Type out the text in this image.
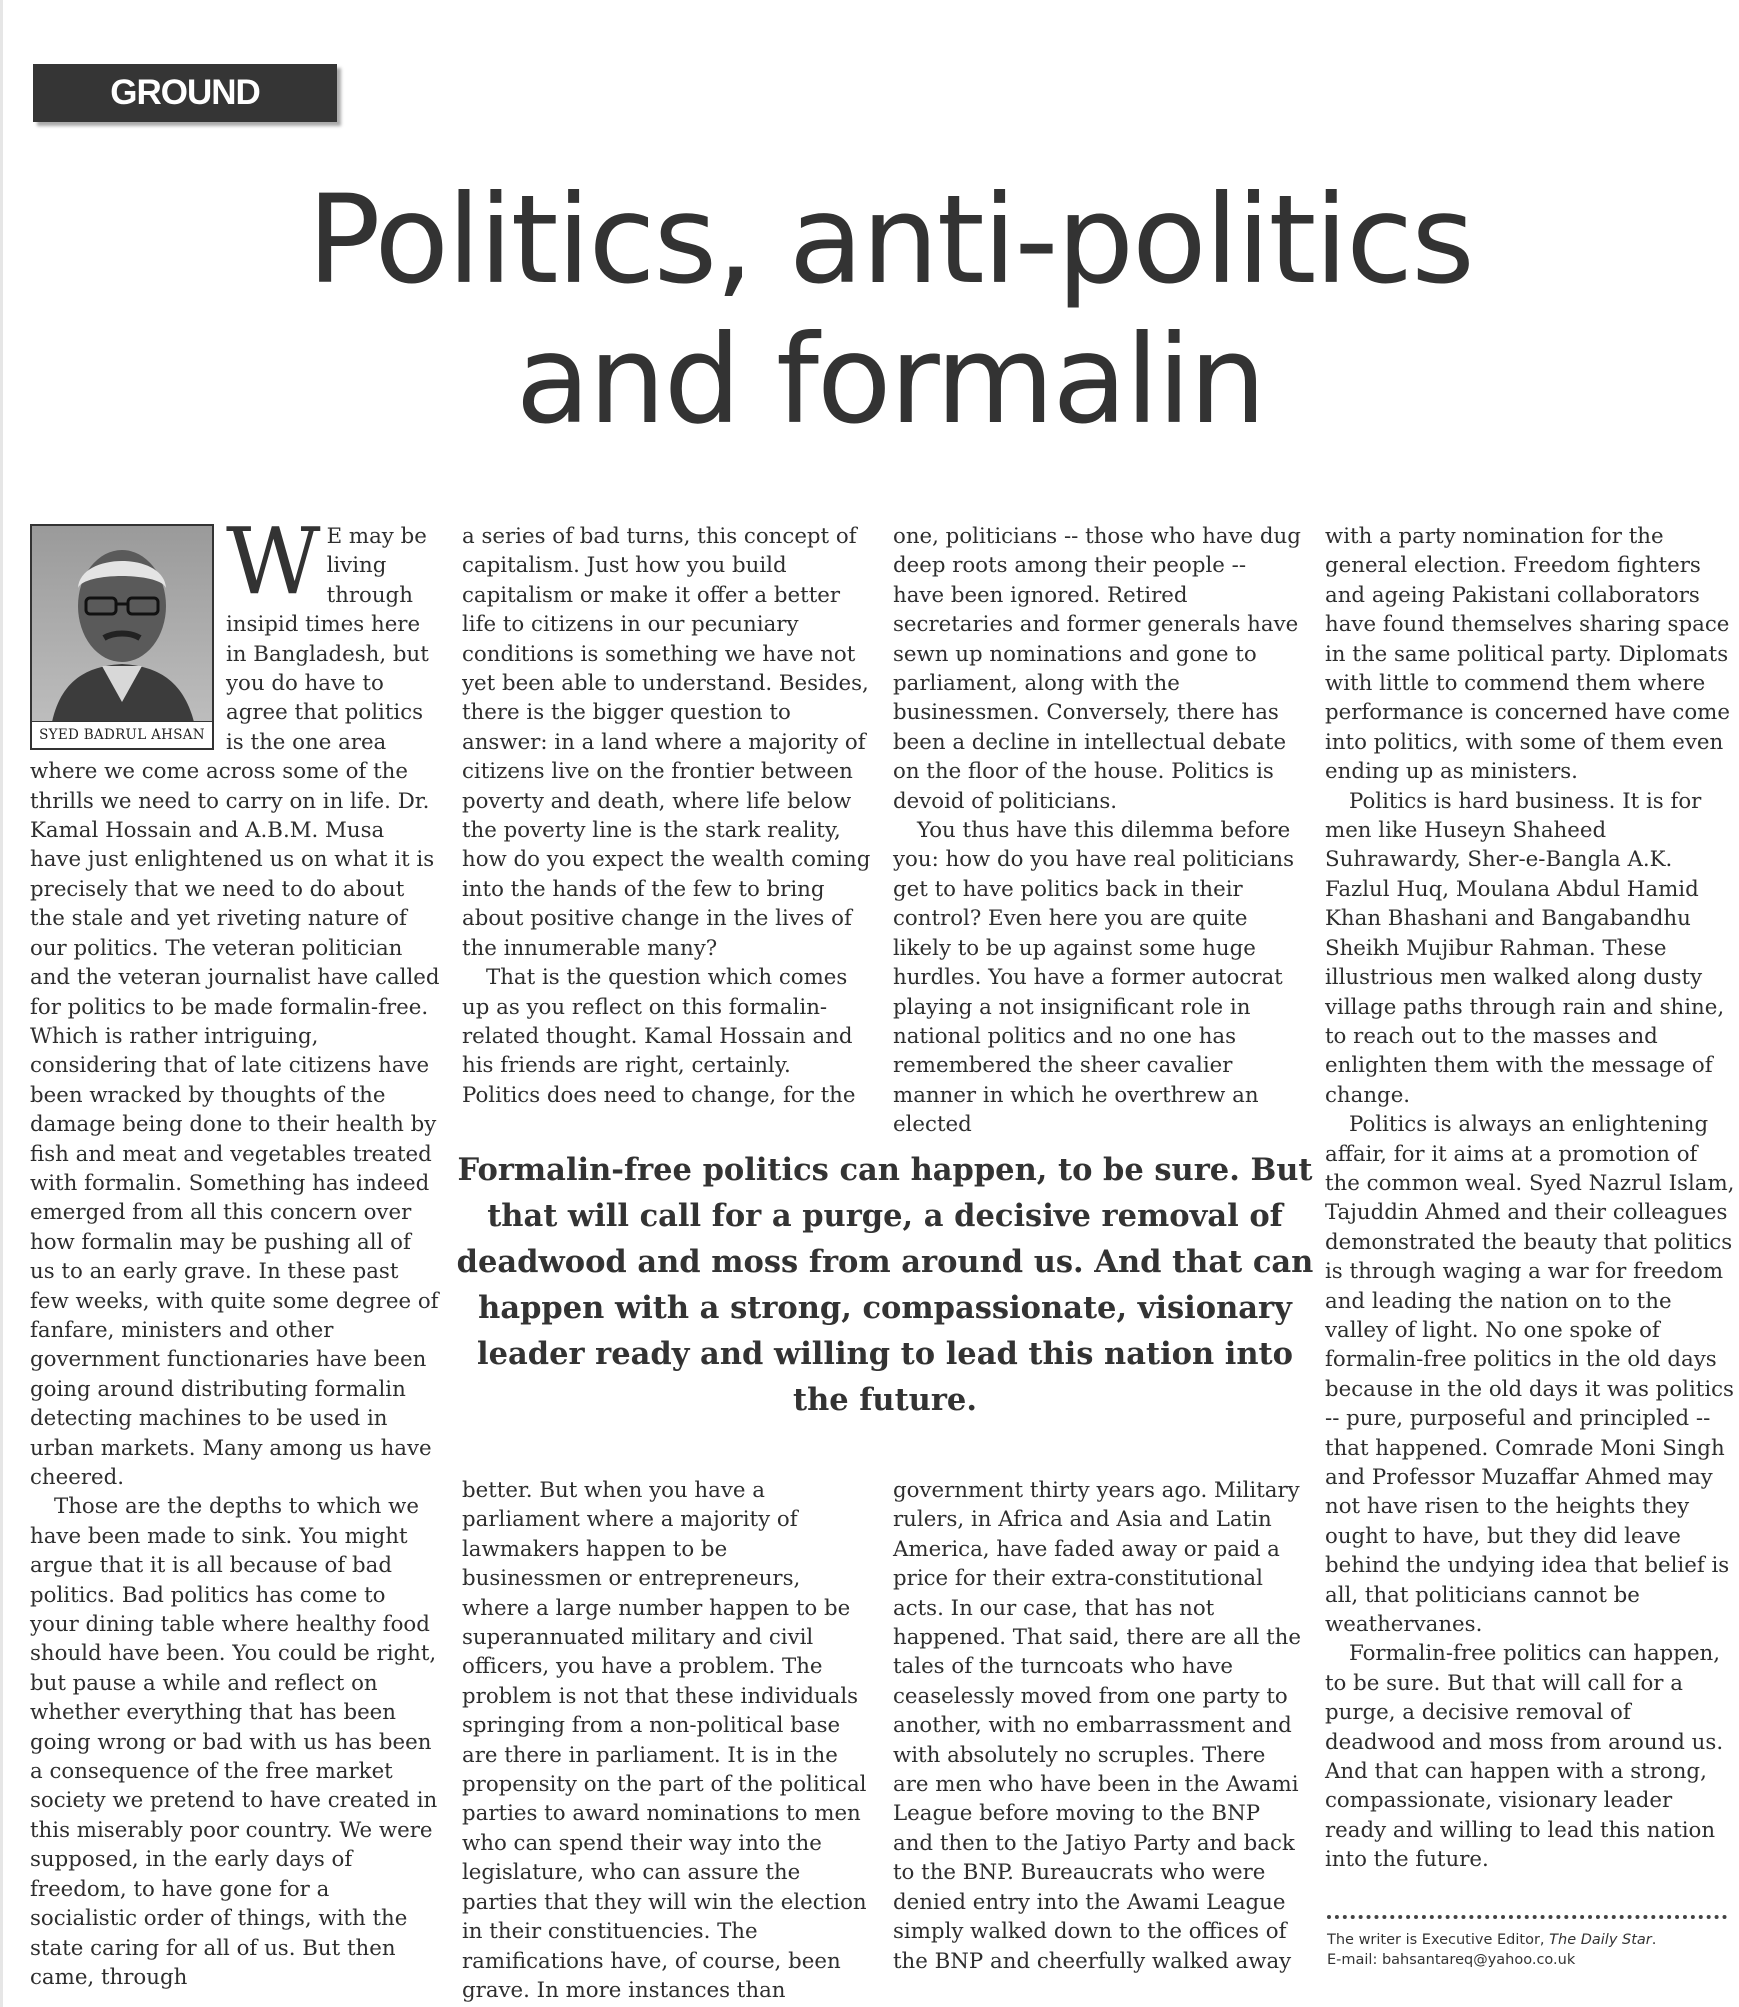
GROUND REALITIES
Politics, anti-politics
and formalin
SYED BADRUL AHSAN
W E may be living through insipid times here in Bangladesh, but you do have to agree that politics is the one area where we come across some of the thrills we need to carry on in life. Dr. Kamal Hossain and A.B.M. Musa have just enlightened us on what it is precisely that we need to do about the stale and yet riveting nature of our politics. The veteran politician and the veteran journalist have called for politics to be made formalin-free. Which is rather intriguing, considering that of late citizens have been wracked by thoughts of the damage being done to their health by fish and meat and vegetables treated with formalin. Something has indeed emerged from all this concern over how formalin may be pushing all of us to an early grave. In these past few weeks, with quite some degree of fanfare, ministers and other government functionaries have been going around distributing formalin detecting machines to be used in urban markets. Many among us have cheered.

Those are the depths to which we have been made to sink. You might argue that it is all because of bad politics. Bad politics has come to your dining table where healthy food should have been. You could be right, but pause a while and reflect on whether everything that has been going wrong or bad with us has been a consequence of the free market society we pretend to have created in this miserably poor country. We were supposed, in the early days of freedom, to have gone for a socialistic order of things, with the state caring for all of us. But then came, through

a series of bad turns, this concept of capitalism. Just how you build capitalism or make it offer a better life to citizens in our pecuniary conditions is something we have not yet been able to understand. Besides, there is the bigger question to answer: in a land where a majority of citizens live on the frontier between poverty and death, where life below the poverty line is the stark reality, how do you expect the wealth coming into the hands of the few to bring about positive change in the lives of the innumerable many?

That is the question which comes up as you reflect on this formalin-related thought. Kamal Hossain and his friends are right, certainly. Politics does need to change, for the

one, politicians -- those who have dug deep roots among their people -- have been ignored. Retired secretaries and former generals have sewn up nominations and gone to parliament, along with the businessmen. Conversely, there has been a decline in intellectual debate on the floor of the house. Politics is devoid of politicians.

You thus have this dilemma before you: how do you have real politicians get to have politics back in their control? Even here you are quite likely to be up against some huge hurdles. You have a former autocrat playing a not insignificant role in national politics and no one has remembered the sheer cavalier manner in which he overthrew an elected

Formalin-free politics can happen, to be sure. But that will call for a purge, a decisive removal of deadwood and moss from around us. And that can happen with a strong, compassionate, visionary leader ready and willing to lead this nation into the future.

better. But when you have a parliament where a majority of lawmakers happen to be businessmen or entrepreneurs, where a large number happen to be superannuated military and civil officers, you have a problem. The problem is not that these individuals springing from a non-political base are there in parliament. It is in the propensity on the part of the political parties to award nominations to men who can spend their way into the legislature, who can assure the parties that they will win the election in their constituencies. The ramifications have, of course, been grave. In more instances than

government thirty years ago. Military rulers, in Africa and Asia and Latin America, have faded away or paid a price for their extra-constitutional acts. In our case, that has not happened. That said, there are all the tales of the turncoats who have ceaselessly moved from one party to another, with no embarrassment and with absolutely no scruples. There are men who have been in the Awami League before moving to the BNP and then to the Jatiyo Party and back to the BNP. Bureaucrats who were denied entry into the Awami League simply walked down to the offices of the BNP and cheerfully walked away

with a party nomination for the general election. Freedom fighters and ageing Pakistani collaborators have found themselves sharing space in the same political party. Diplomats with little to commend them where performance is concerned have come into politics, with some of them even ending up as ministers.

Politics is hard business. It is for men like Huseyn Shaheed Suhrawardy, Sher-e-Bangla A.K. Fazlul Huq, Moulana Abdul Hamid Khan Bhashani and Bangabandhu Sheikh Mujibur Rahman. These illustrious men walked along dusty village paths through rain and shine, to reach out to the masses and enlighten them with the message of change.

Politics is always an enlightening affair, for it aims at a promotion of the common weal. Syed Nazrul Islam, Tajuddin Ahmed and their colleagues demonstrated the beauty that politics is through waging a war for freedom and leading the nation on to the valley of light. No one spoke of formalin-free politics in the old days because in the old days it was politics -- pure, purposeful and principled -- that happened. Comrade Moni Singh and Professor Muzaffar Ahmed may not have risen to the heights they ought to have, but they did leave behind the undying idea that belief is all, that politicians cannot be weathervanes.

Formalin-free politics can happen, to be sure. But that will call for a purge, a decisive removal of deadwood and moss from around us. And that can happen with a strong, compassionate, visionary leader ready and willing to lead this nation into the future.

The writer is Executive Editor, The Daily Star.
E-mail: bahsantareq@yahoo.co.uk
